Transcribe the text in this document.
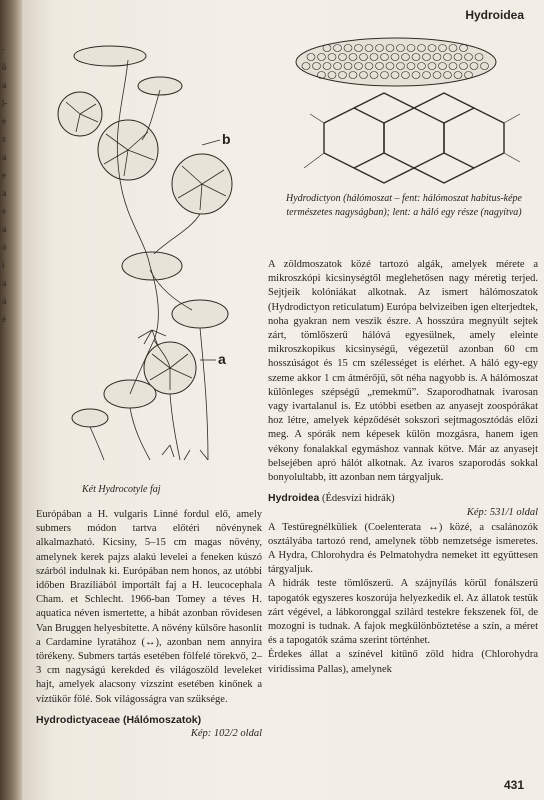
-
ő
a
l-
e
z
a
e
a
e
a
ó
i
a
á
é
Hydroidea
b
a
Két Hydrocotyle faj
Hydrodictyon (hálómoszat – fent: hálómoszat habitus-képe természetes nagyságban); lent: a háló egy része (nagyítva)

Európában a H. vulgaris Linné fordul elő, amely submers módon tartva előtéri növénynek alkalmazható. Kicsiny, 5–15 cm magas növény, amelynek kerek pajzs alakú levelei a feneken kúszó szárból indulnak ki. Európában nem honos, az utóbbi időben Brazíliából importált faj a H. leucocephala Cham. et Schlecht. 1966-ban Tomey a téves H. aquatica néven ismertette, a hibát azonban rövidesen Van Bruggen helyesbítette. A növény külsőre hasonlít a Cardamine lyratához (↔), azonban nem annyira törékeny. Submers tartás esetében fölfelé törekvő, 2–3 cm nagyságú kerekded és világoszöld leveleket hajt, amelyek alacsony vízszint esetében kinőnek a víztükör fölé. Sok világosságra van szüksége.

Hydrodictyaceae (Hálómoszatok)

Kép: 102/2 oldal

A zöldmoszatok közé tartozó algák, amelyek mérete a mikroszkópi kicsinységtől meglehetősen nagy méretig terjed. Sejtjeik kolóniákat alkotnak. Az ismert hálómoszatok (Hydrodictyon reticulatum) Európa belvizeiben igen elterjedtek, noha gyakran nem veszik észre. A hosszúra megnyúlt sejtek zárt, tömlőszerű hálóvá egyesülnek, amely eleinte mikroszkopikus kicsinységű, végezetül azonban 60 cm hosszúságot és 15 cm szélességet is elérhet. A háló egy-egy szeme akkor 1 cm átmérőjű, sőt néha nagyobb is. A hálómoszat különleges szépségű „remekmű”. Szaporodhatnak ivarosan vagy ivartalanul is. Ez utóbbi esetben az anyasejt zoospórákat hoz létre, amelyek képződését sokszori sejtmagosztódás előzi meg. A spórák nem képesek külön mozgásra, hanem igen vékony fonalakkal egymáshoz vannak kötve. Már az anyasejt belsejében apró hálót alkotnak. Az ivaros szaporodás sokkal bonyolultabb, itt azonban nem tárgyaljuk.

Hydroidea (Édesvízi hidrák)

Kép: 531/1 oldal

A Testüregnélküliek (Coelenterata ↔) közé, a csalánozók osztályába tartozó rend, amelynek több nemzetsége ismeretes. A Hydra, Chlorohydra és Pelmatohydra nemeket itt együttesen tárgyaljuk.

A hidrák teste tömlőszerű. A szájnyílás körül fonálszerű tapogatók egyszeres koszorúja helyezkedik el. Az állatok testük zárt végével, a lábkoronggal szilárd testekre fekszenek föl, de mozogni is tudnak. A fajok megkülönböztetése a szín, a méret és a tapogatók száma szerint történhet.

Érdekes állat a színével kitűnő zöld hidra (Chlorohydra viridissima Pallas), amelynek

431
